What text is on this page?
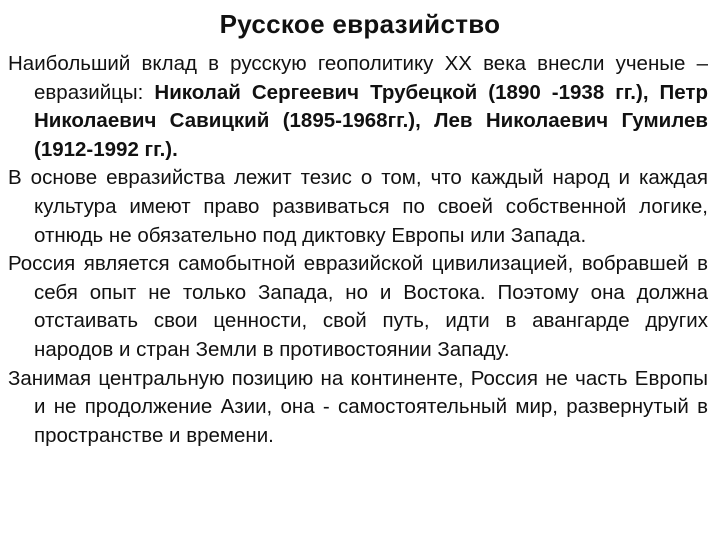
Русское евразийство

Наибольший вклад в русскую геополитику XX века внесли ученые – евразийцы: Николай Сергеевич Трубецкой (1890 -1938 гг.), Петр Николаевич Савицкий (1895-1968гг.), Лев Николаевич Гумилев (1912-1992 гг.).

В основе евразийства лежит тезис о том, что каждый народ и каждая культура имеют право развиваться по своей собственной логике, отнюдь не обязательно под диктовку Европы или Запада.

Россия является самобытной евразийской цивилизацией, вобравшей в себя опыт не только Запада, но и Востока. Поэтому она должна отстаивать свои ценности, свой путь, идти в авангарде других народов и стран Земли в противостоянии Западу.

Занимая центральную позицию на континенте, Россия не часть Европы и не продолжение Азии, она - самостоятельный мир, развернутый в пространстве и времени.
